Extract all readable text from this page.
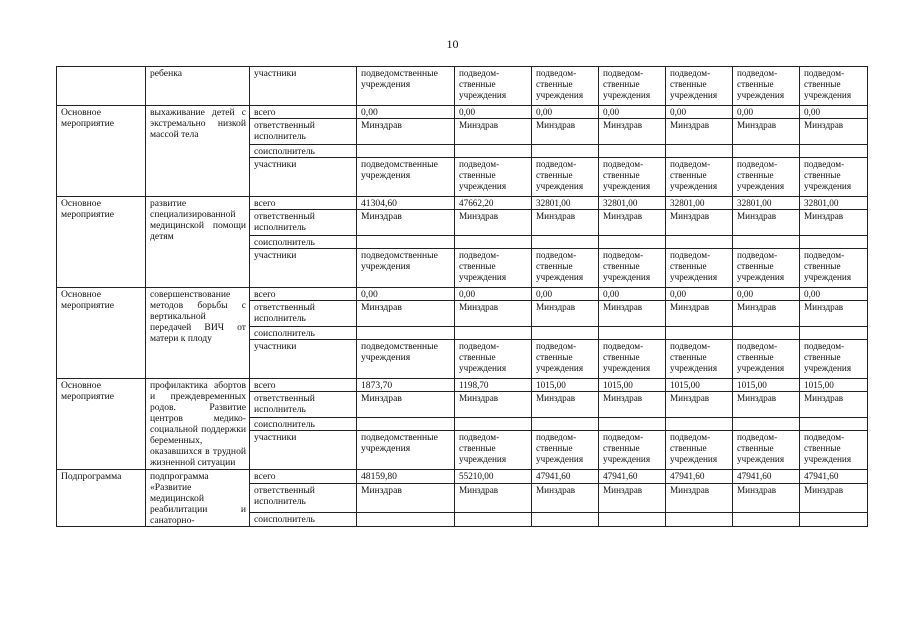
10
	ребенка	участники	подведомственные учреждения	подведом-ственные учреждения	подведом-ственные учреждения	подведом-ственные учреждения	подведом-ственные учреждения	подведом-ственные учреждения	подведом-ственные учреждения
Основное мероприятие	выхаживание детей с экстремально низкой массой тела	всего	0,00	0,00	0,00	0,00	0,00	0,00	0,00
		ответственный исполнитель	Минздрав	Минздрав	Минздрав	Минздрав	Минздрав	Минздрав	Минздрав
		соисполнитель							
		участники	подведомственные учреждения	подведом-ственные учреждения	подведом-ственные учреждения	подведом-ственные учреждения	подведом-ственные учреждения	подведом-ственные учреждения	подведом-ственные учреждения
Основное мероприятие	развитие специализированной медицинской помощи детям	всего	41304,60	47662,20	32801,00	32801,00	32801,00	32801,00	32801,00
		ответственный исполнитель	Минздрав	Минздрав	Минздрав	Минздрав	Минздрав	Минздрав	Минздрав
		соисполнитель							
		участники	подведомственные учреждения	подведом-ственные учреждения	подведом-ственные учреждения	подведом-ственные учреждения	подведом-ственные учреждения	подведом-ственные учреждения	подведом-ственные учреждения
Основное мероприятие	совершенствование методов борьбы с вертикальной передачей ВИЧ от матери к плоду	всего	0,00	0,00	0,00	0,00	0,00	0,00	0,00
		ответственный исполнитель	Минздрав	Минздрав	Минздрав	Минздрав	Минздрав	Минздрав	Минздрав
		соисполнитель							
		участники	подведомственные учреждения	подведом-ственные учреждения	подведом-ственные учреждения	подведом-ственные учреждения	подведом-ственные учреждения	подведом-ственные учреждения	подведом-ственные учреждения
Основное мероприятие	профилактика абортов и преждевременных родов. Развитие центров медико-социальной поддержки беременных, оказавшихся в трудной жизненной ситуации	всего	1873,70	1198,70	1015,00	1015,00	1015,00	1015,00	1015,00
		ответственный исполнитель	Минздрав	Минздрав	Минздрав	Минздрав	Минздрав	Минздрав	Минздрав
		соисполнитель							
		участники	подведомственные учреждения	подведом-ственные учреждения	подведом-ственные учреждения	подведом-ственные учреждения	подведом-ственные учреждения	подведом-ственные учреждения	подведом-ственные учреждения
Подпрограмма	подпрограмма «Развитие медицинской реабилитации и санаторно-	всего	48159,80	55210,00	47941,60	47941,60	47941,60	47941,60	47941,60
		ответственный исполнитель	Минздрав	Минздрав	Минздрав	Минздрав	Минздрав	Минздрав	Минздрав
		соисполнитель							
